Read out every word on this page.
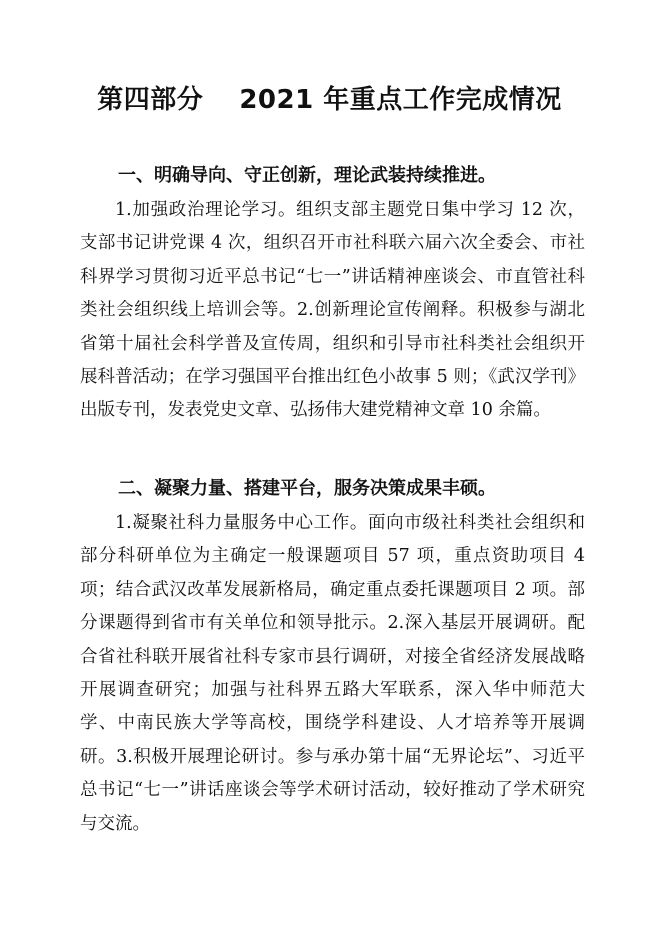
第四部分　 2021 年重点工作完成情况
一、明确导向、守正创新，理论武装持续推进。

1.加强政治理论学习。组织支部主题党日集中学习 12 次，支部书记讲党课 4 次，组织召开市社科联六届六次全委会、市社科界学习贯彻习近平总书记“七一”讲话精神座谈会、市直管社科类社会组织线上培训会等。2.创新理论宣传阐释。积极参与湖北省第十届社会科学普及宣传周，组织和引导市社科类社会组织开展科普活动；在学习强国平台推出红色小故事 5 则；《武汉学刊》出版专刊，发表党史文章、弘扬伟大建党精神文章 10 余篇。

二、凝聚力量、搭建平台，服务决策成果丰硕。

1.凝聚社科力量服务中心工作。面向市级社科类社会组织和部分科研单位为主确定一般课题项目 57 项，重点资助项目 4 项；结合武汉改革发展新格局，确定重点委托课题项目 2 项。部分课题得到省市有关单位和领导批示。2.深入基层开展调研。配合省社科联开展省社科专家市县行调研，对接全省经济发展战略开展调查研究；加强与社科界五路大军联系，深入华中师范大学、中南民族大学等高校，围绕学科建设、人才培养等开展调研。3.积极开展理论研讨。参与承办第十届“无界论坛”、习近平总书记“七一”讲话座谈会等学术研讨活动，较好推动了学术研究与交流。
